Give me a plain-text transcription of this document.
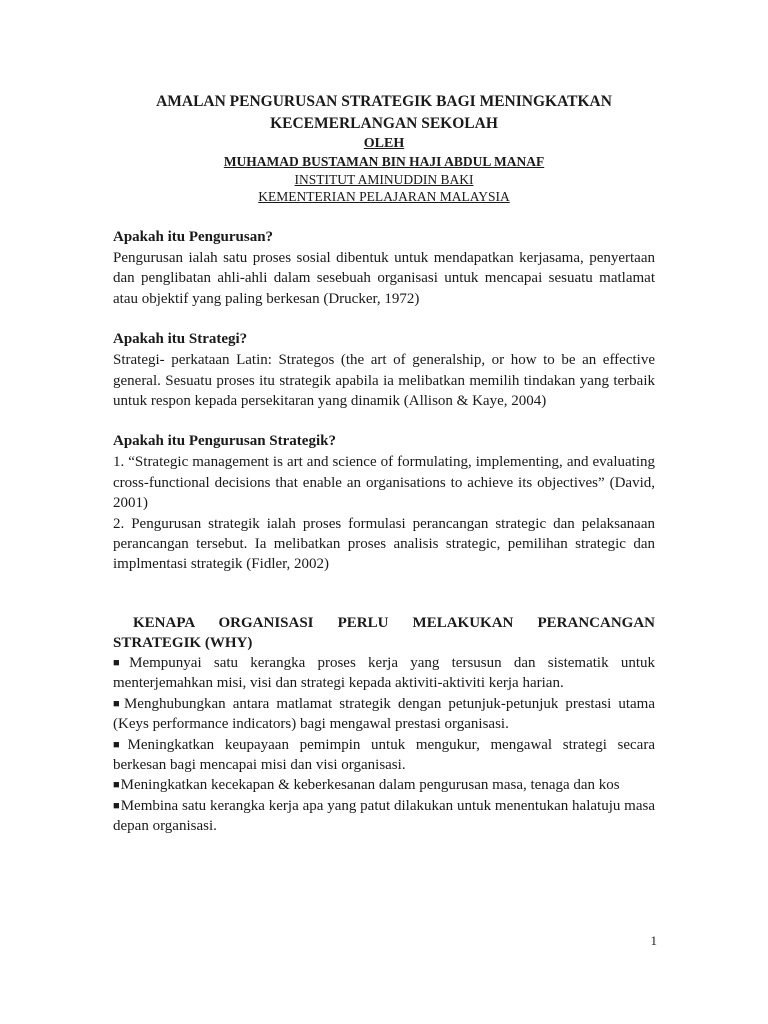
AMALAN PENGURUSAN STRATEGIK BAGI MENINGKATKAN

KECEMERLANGAN SEKOLAH

OLEH
MUHAMAD BUSTAMAN BIN HAJI ABDUL MANAF
INSTITUT AMINUDDIN BAKI
KEMENTERIAN PELAJARAN MALAYSIA

Apakah itu Pengurusan?

Pengurusan ialah satu proses sosial dibentuk untuk mendapatkan kerjasama, penyertaan dan penglibatan ahli-ahli dalam sesebuah organisasi untuk mencapai sesuatu matlamat atau objektif yang paling berkesan (Drucker, 1972)

Apakah itu Strategi?

Strategi- perkataan Latin: Strategos (the art of generalship, or how to be an effective general. Sesuatu proses itu strategik apabila ia melibatkan memilih tindakan yang terbaik untuk respon kepada persekitaran yang dinamik (Allison & Kaye, 2004)

Apakah itu Pengurusan Strategik?

1. “Strategic management is art and science of formulating, implementing, and evaluating cross-functional decisions that enable an organisations to achieve its objectives” (David, 2001)

2. Pengurusan strategik ialah proses formulasi perancangan strategic dan pelaksanaan perancangan tersebut. Ia melibatkan proses analisis strategic, pemilihan strategic dan implmentasi strategik (Fidler, 2002)

KENAPA ORGANISASI PERLU MELAKUKAN PERANCANGAN STRATEGIK (WHY)

■Mempunyai satu kerangka proses kerja yang tersusun dan sistematik untuk menterjemahkan misi, visi dan strategi kepada aktiviti-aktiviti kerja harian.
■Menghubungkan antara matlamat strategik dengan petunjuk-petunjuk prestasi utama (Keys performance indicators) bagi mengawal prestasi organisasi.
■Meningkatkan keupayaan pemimpin untuk mengukur, mengawal strategi secara berkesan bagi mencapai misi dan visi organisasi.
■Meningkatkan kecekapan & keberkesanan dalam pengurusan masa, tenaga dan kos
■Membina satu kerangka kerja apa yang patut dilakukan untuk menentukan halatuju masa depan organisasi.
1
